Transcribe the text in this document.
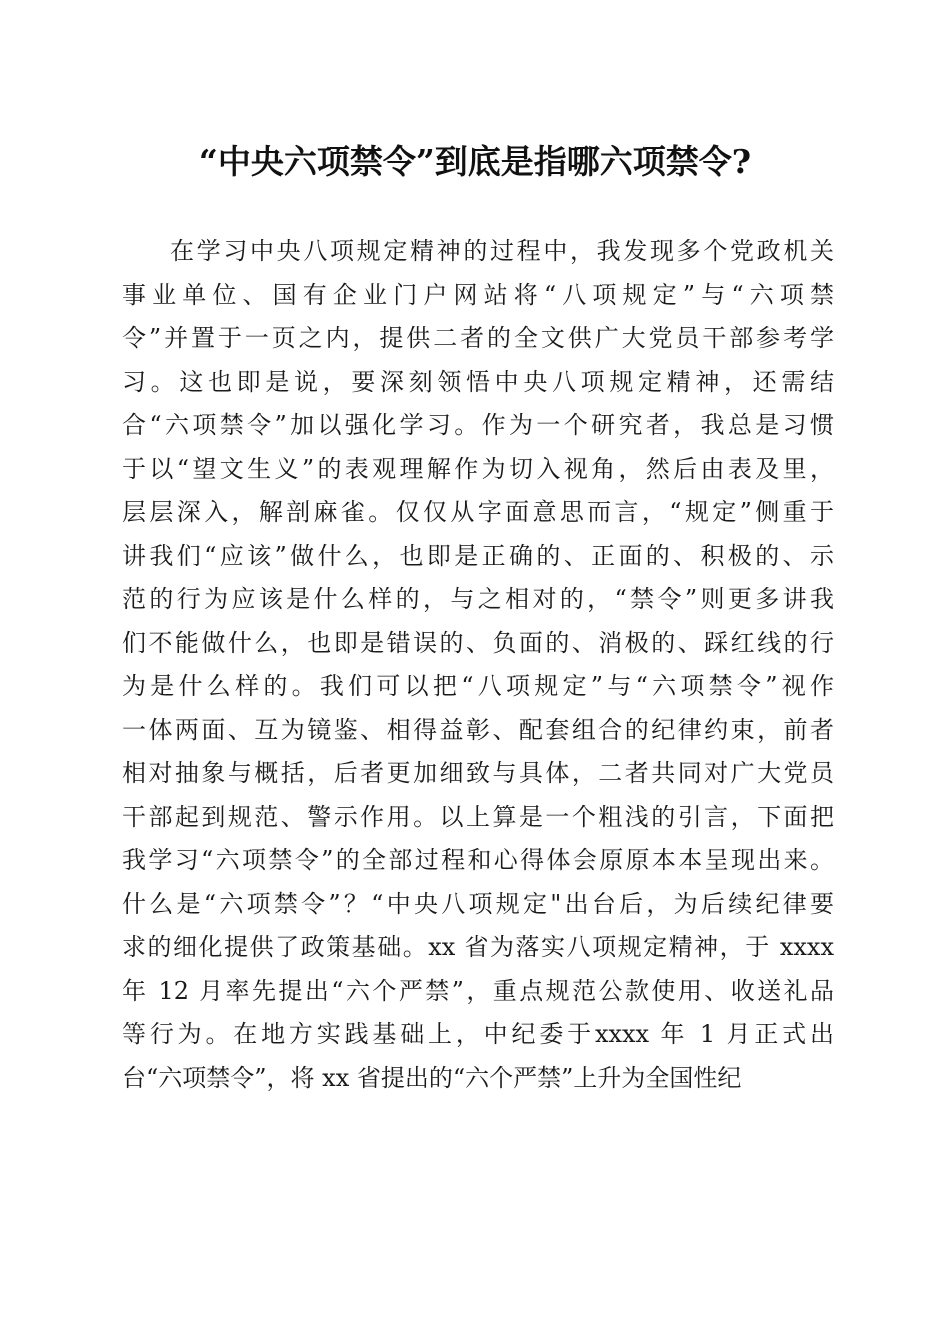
“中央六项禁令”到底是指哪六项禁令?
在学习中央八项规定精神的过程中，我发现多个党政机关
事业单位、国有企业门户网站将“八项规定”与“六项禁
令”并置于一页之内，提供二者的全文供广大党员干部参考学
习。这也即是说，要深刻领悟中央八项规定精神，还需结
合“六项禁令”加以强化学习。作为一个研究者，我总是习惯
于以“望文生义”的表观理解作为切入视角，然后由表及里，
层层深入，解剖麻雀。仅仅从字面意思而言，“规定”侧重于
讲我们“应该”做什么，也即是正确的、正面的、积极的、示
范的行为应该是什么样的，与之相对的，“禁令”则更多讲我
们不能做什么，也即是错误的、负面的、消极的、踩红线的行
为是什么样的。我们可以把“八项规定”与“六项禁令”视作
一体两面、互为镜鉴、相得益彰、配套组合的纪律约束，前者
相对抽象与概括，后者更加细致与具体，二者共同对广大党员
干部起到规范、警示作用。以上算是一个粗浅的引言，下面把
我学习“六项禁令”的全部过程和心得体会原原本本呈现出来。
什么是“六项禁令”？“中央八项规定"出台后，为后续纪律要
求的细化提供了政策基础。xx 省为落实八项规定精神，于 xxxx
年 12 月率先提出“六个严禁”，重点规范公款使用、收送礼品
等行为。在地方实践基础上，中纪委于xxxx 年 1 月正式出
台“六项禁令”，将 xx 省提出的“六个严禁”上升为全国性纪
